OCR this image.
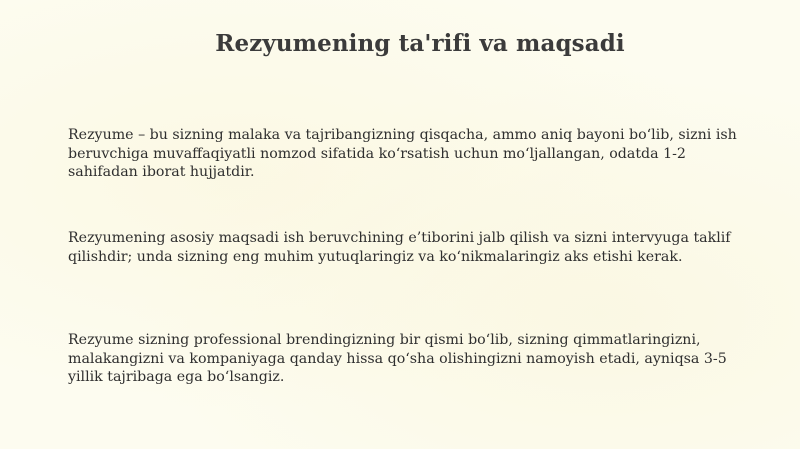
Rezyumening ta'rifi va maqsadi

Rezyume – bu sizning malaka va tajribangizning qisqacha, ammo aniq bayoni bo‘lib, sizni ish beruvchiga muvaffaqiyatli nomzod sifatida ko‘rsatish uchun mo‘ljallangan, odatda 1-2 sahifadan iborat hujjatdir.

Rezyumening asosiy maqsadi ish beruvchining e’tiborini jalb qilish va sizni intervyuga taklif qilishdir; unda sizning eng muhim yutuqlaringiz va ko‘nikmalaringiz aks etishi kerak.

Rezyume sizning professional brendingizning bir qismi bo‘lib, sizning qimmatlaringizni, malakangizni va kompaniyaga qanday hissa qo‘sha olishingizni namoyish etadi, ayniqsa 3-5 yillik tajribaga ega bo‘lsangiz.
